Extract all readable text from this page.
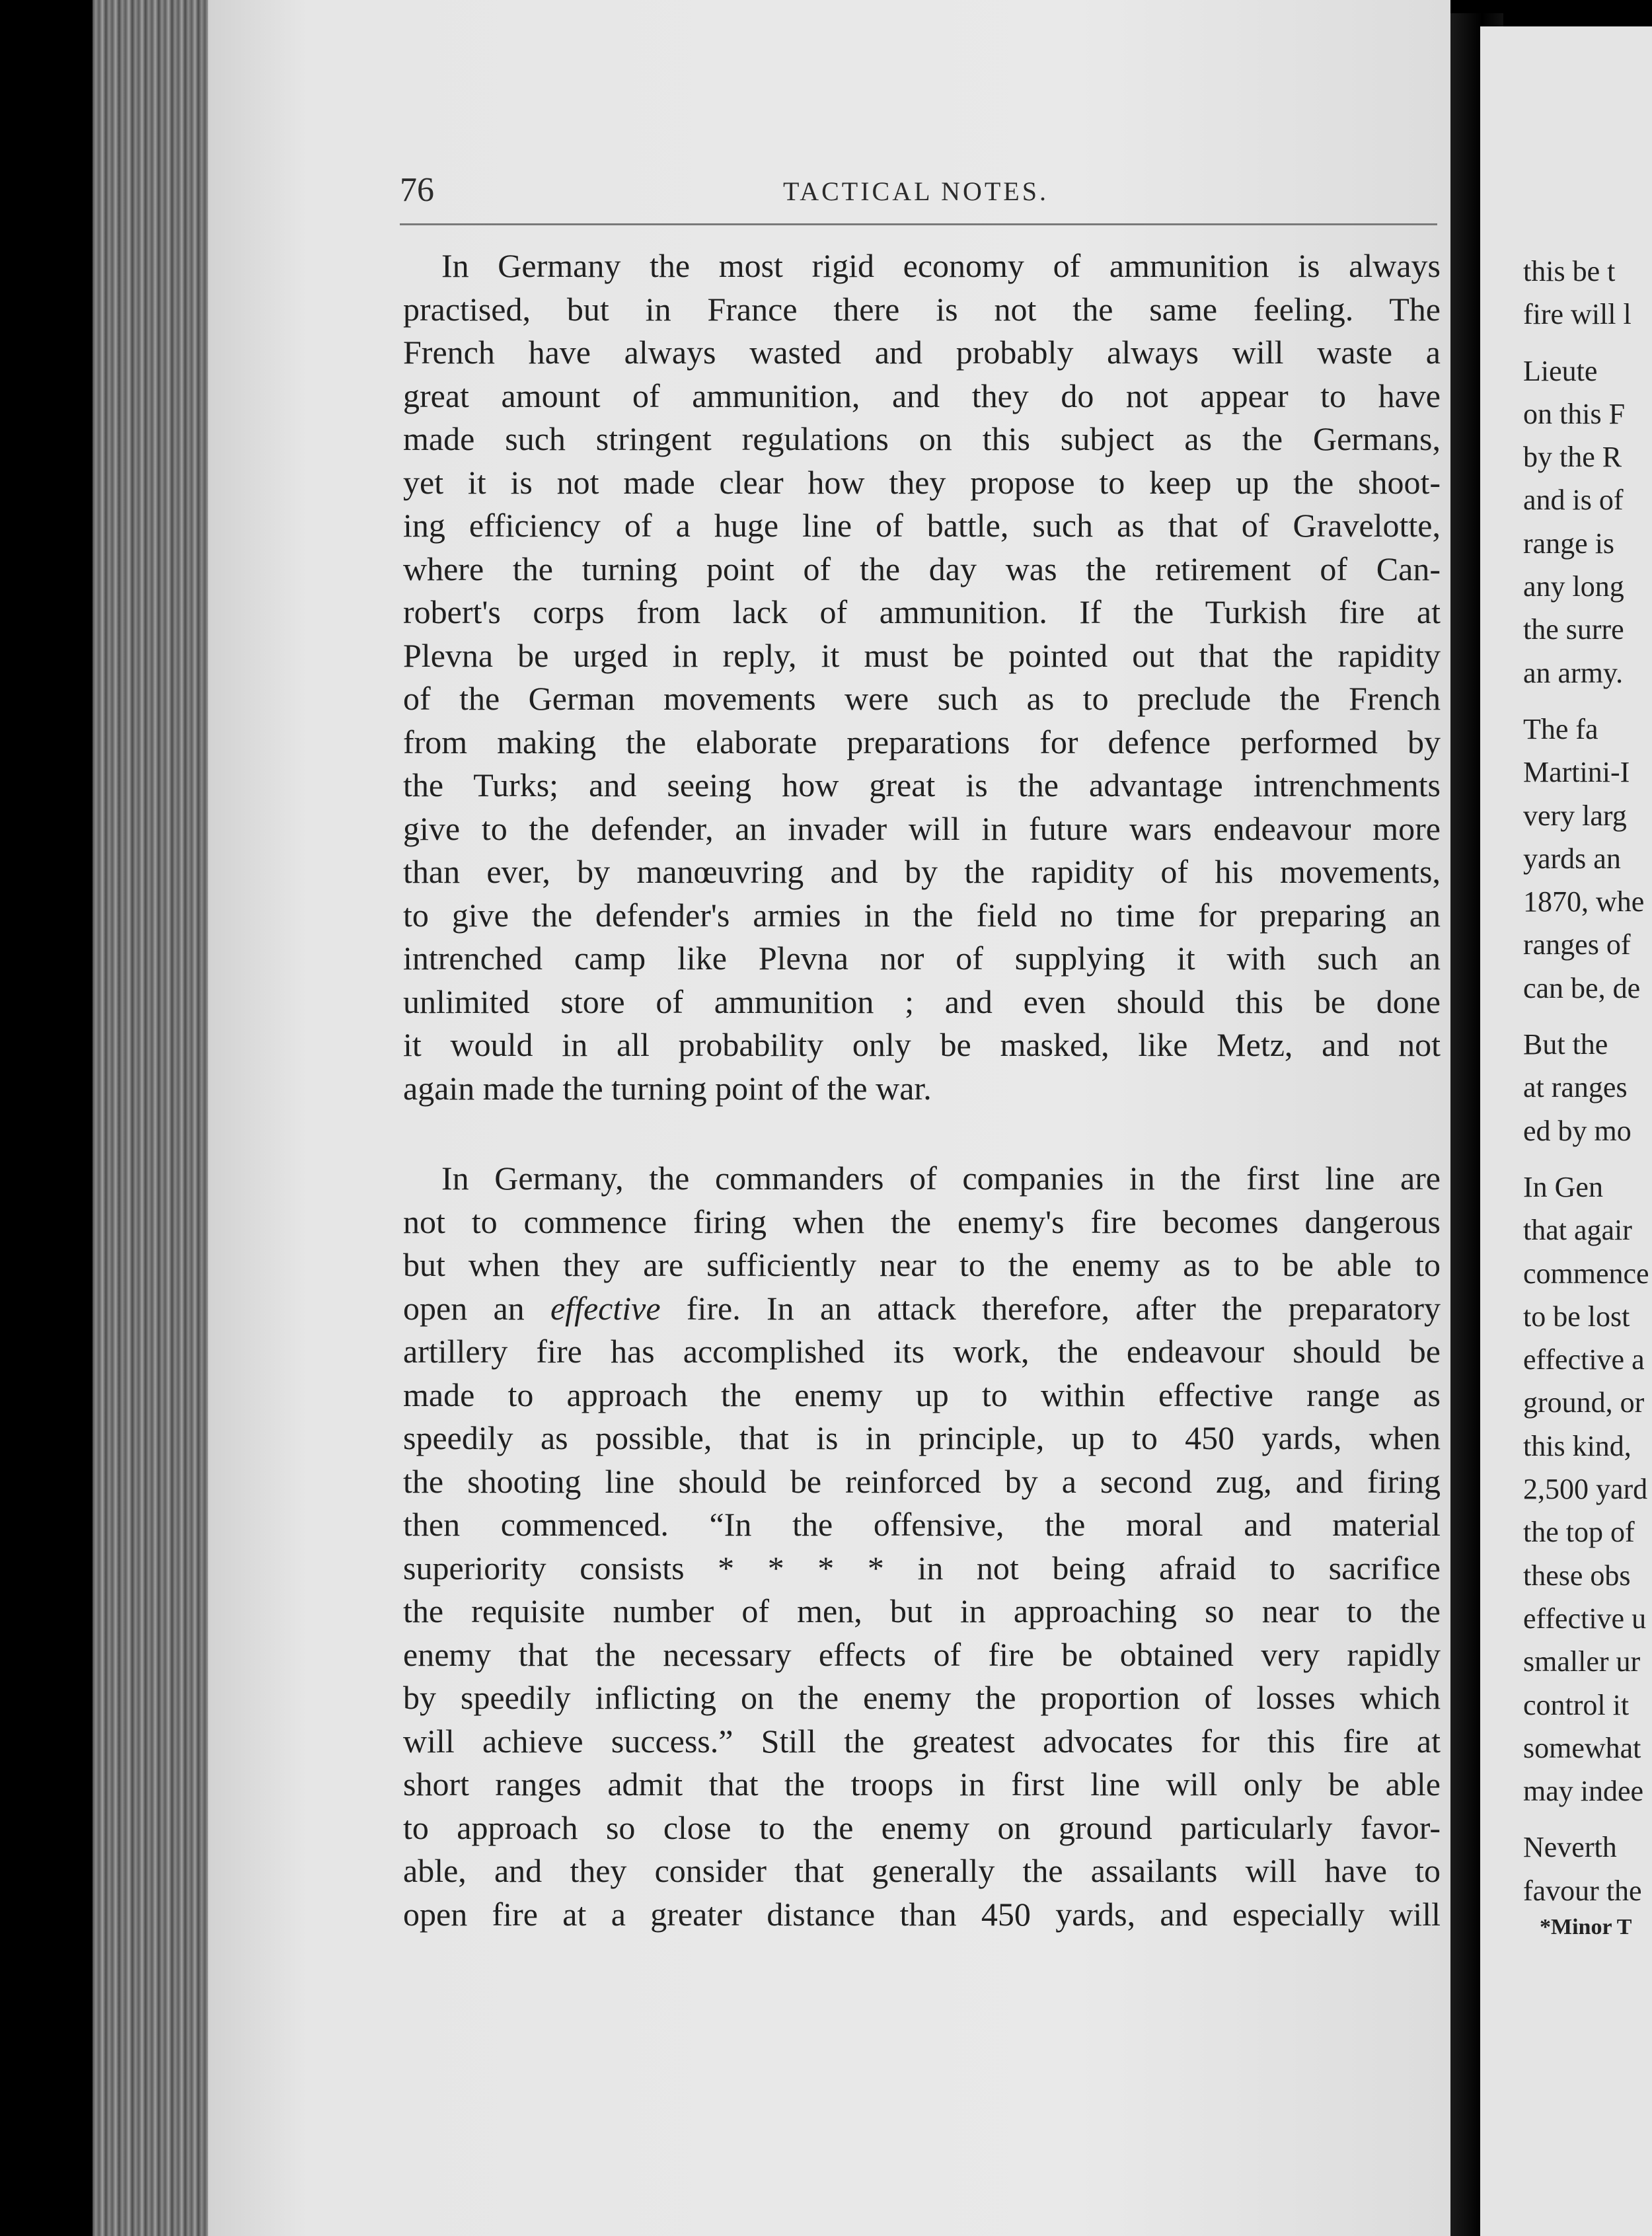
76	TACTICAL NOTES.
In Germany the most rigid economy of ammunition is always
practised, but in France there is not the same feeling. The
French have always wasted and probably always will waste a
great amount of ammunition, and they do not appear to have
made such stringent regulations on this subject as the Germans,
yet it is not made clear how they propose to keep up the shoot-
ing efficiency of a huge line of battle, such as that of Gravelotte,
where the turning point of the day was the retirement of Can-
robert's corps from lack of ammunition. If the Turkish fire at
Plevna be urged in reply, it must be pointed out that the rapidity
of the German movements were such as to preclude the French
from making the elaborate preparations for defence performed by
the Turks; and seeing how great is the advantage intrenchments
give to the defender, an invader will in future wars endeavour more
than ever, by manœuvring and by the rapidity of his movements,
to give the defender's armies in the field no time for preparing an
intrenched camp like Plevna nor of supplying it with such an
unlimited store of ammunition ; and even should this be done
it would in all probability only be masked, like Metz, and not
again made the turning point of the war.
In Germany, the commanders of companies in the first line are
not to commence firing when the enemy's fire becomes dangerous
but when they are sufficiently near to the enemy as to be able to
open an effective fire. In an attack therefore, after the preparatory
artillery fire has accomplished its work, the endeavour should be
made to approach the enemy up to within effective range as
speedily as possible, that is in principle, up to 450 yards, when
the shooting line should be reinforced by a second zug, and firing
then commenced. “In the offensive, the moral and material
superiority consists * * * * in not being afraid to sacrifice
the requisite number of men, but in approaching so near to the
enemy that the necessary effects of fire be obtained very rapidly
by speedily inflicting on the enemy the proportion of losses which
will achieve success.” Still the greatest advocates for this fire at
short ranges admit that the troops in first line will only be able
to approach so close to the enemy on ground particularly favor-
able, and they consider that generally the assailants will have to
open fire at a greater distance than 450 yards, and especially will
this be t
fire will l
Lieute
on this F
by the R
and is of
range is
any long
the surre
an army.
The fa
Martini-I
very larg
yards an
1870, whe
ranges of
can be, de
But the
at ranges
ed by mo
In Gen
that agair
commence
to be lost
effective a
ground, or
this kind,
2,500 yard
the top of
these obs
effective u
smaller ur
control it
somewhat
may indee
Neverth
favour the
*Minor T
